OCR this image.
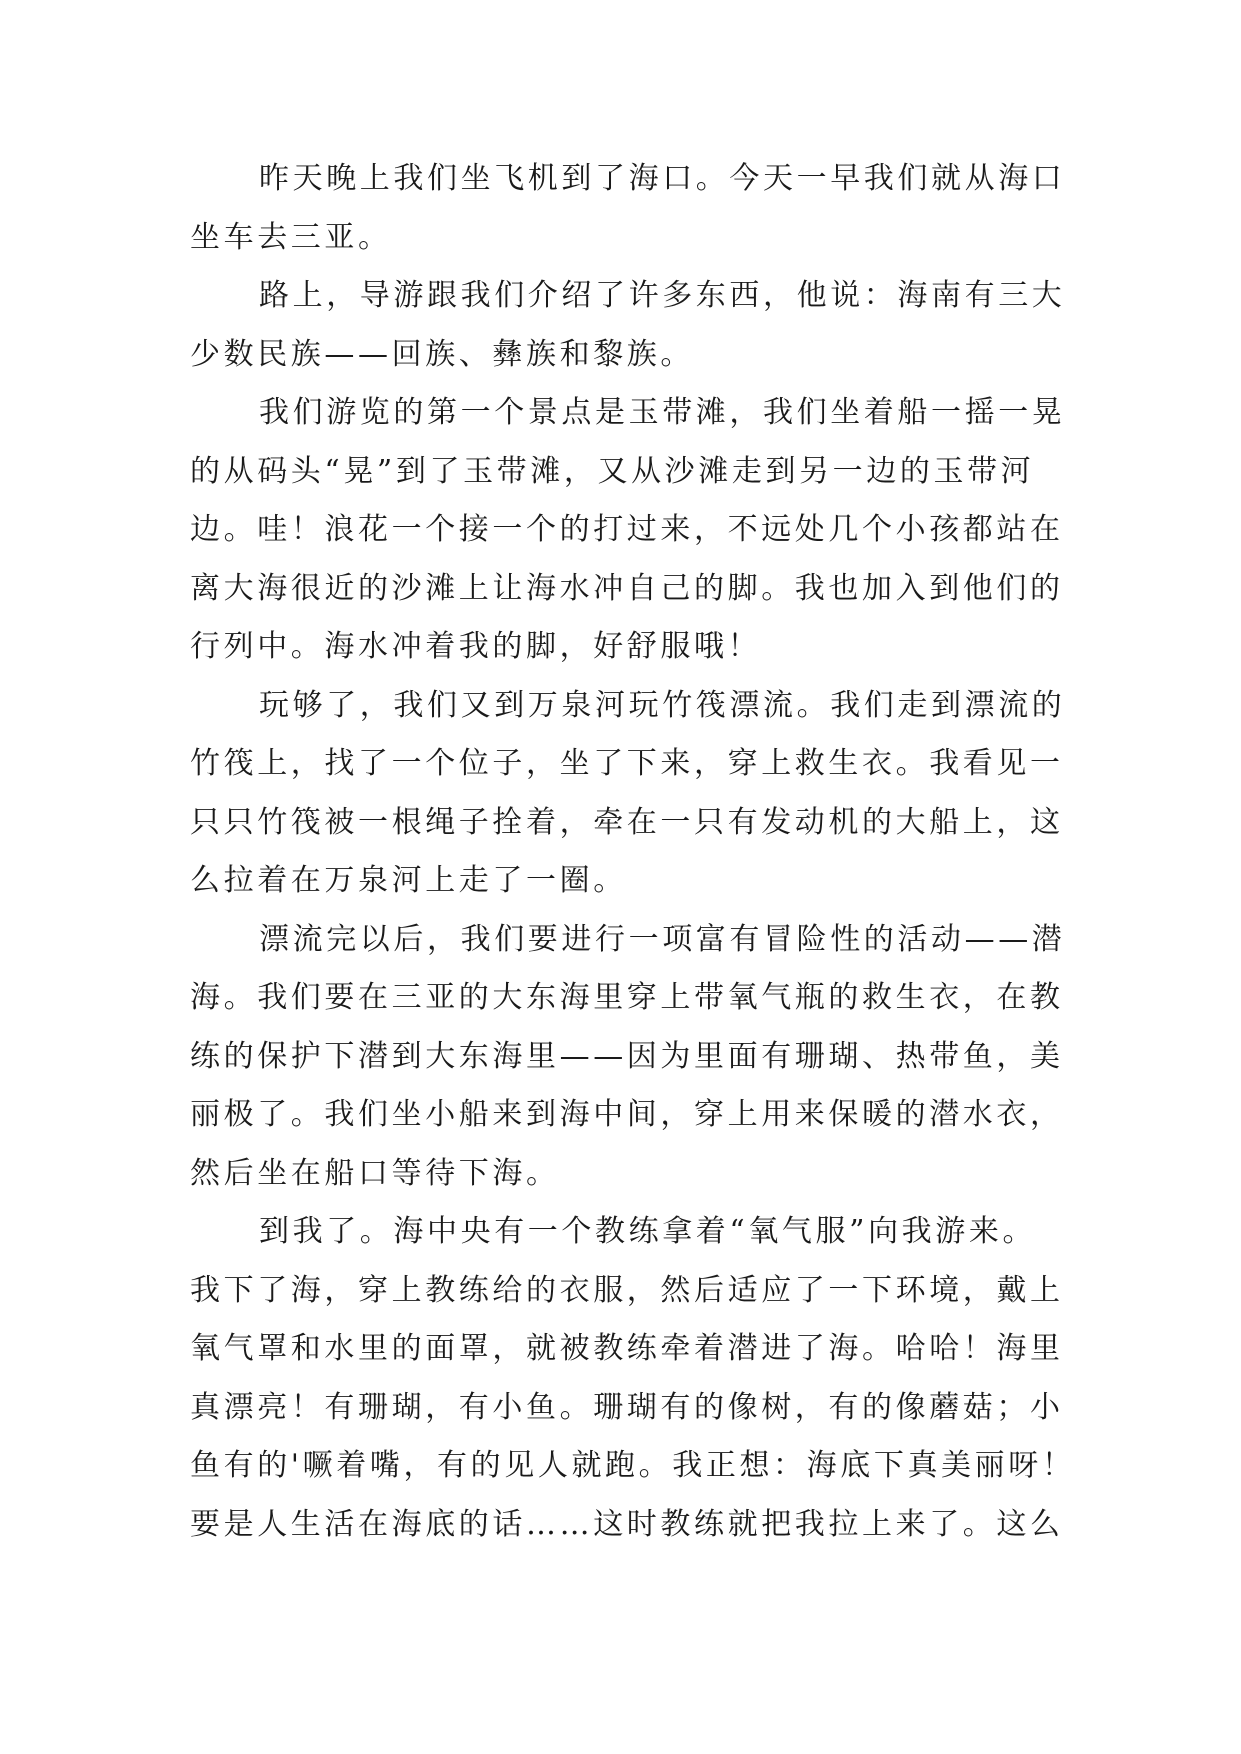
昨天晚上我们坐飞机到了海口。今天一早我们就从海口
坐车去三亚。
路上，导游跟我们介绍了许多东西，他说：海南有三大
少数民族——回族、彝族和黎族。
我们游览的第一个景点是玉带滩，我们坐着船一摇一晃
的从码头“晃”到了玉带滩，又从沙滩走到另一边的玉带河
边。哇！浪花一个接一个的打过来，不远处几个小孩都站在
离大海很近的沙滩上让海水冲自己的脚。我也加入到他们的
行列中。海水冲着我的脚，好舒服哦！
玩够了，我们又到万泉河玩竹筏漂流。我们走到漂流的
竹筏上，找了一个位子，坐了下来，穿上救生衣。我看见一
只只竹筏被一根绳子拴着，牵在一只有发动机的大船上，这
么拉着在万泉河上走了一圈。
漂流完以后，我们要进行一项富有冒险性的活动——潜
海。我们要在三亚的大东海里穿上带氧气瓶的救生衣，在教
练的保护下潜到大东海里——因为里面有珊瑚、热带鱼，美
丽极了。我们坐小船来到海中间，穿上用来保暖的潜水衣，
然后坐在船口等待下海。
到我了。海中央有一个教练拿着“氧气服”向我游来。
我下了海，穿上教练给的衣服，然后适应了一下环境，戴上
氧气罩和水里的面罩，就被教练牵着潜进了海。哈哈！海里
真漂亮！有珊瑚，有小鱼。珊瑚有的像树，有的像蘑菇；小
鱼有的'噘着嘴，有的见人就跑。我正想：海底下真美丽呀！
要是人生活在海底的话……这时教练就把我拉上来了。这么
